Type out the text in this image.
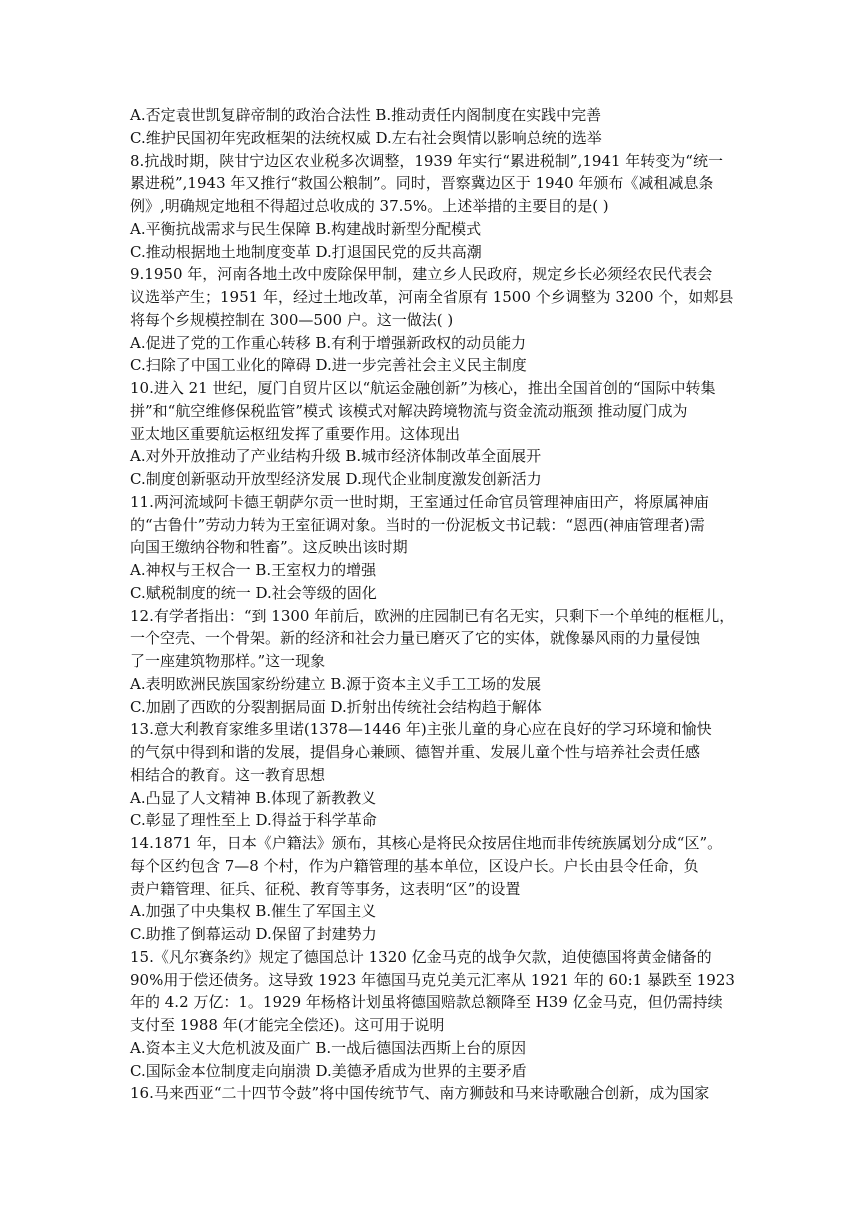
A.否定袁世凯复辟帝制的政治合法性 B.推动责任内阁制度在实践中完善
C.维护民国初年宪政框架的法统权威 D.左右社会舆情以影响总统的选举
8.抗战时期，陕甘宁边区农业税多次调整，1939 年实行“累进税制”,1941 年转变为“统一
累进税”,1943 年又推行“救国公粮制”。同时，晋察冀边区于 1940 年颁布《减租减息条
例》,明确规定地租不得超过总收成的 37.5%。上述举措的主要目的是( )
A.平衡抗战需求与民生保障 B.构建战时新型分配模式
C.推动根据地土地制度变革 D.打退国民党的反共高潮
9.1950 年，河南各地土改中废除保甲制，建立乡人民政府，规定乡长必须经农民代表会
议选举产生；1951 年，经过土地改革，河南全省原有 1500 个乡调整为 3200 个，如郏县
将每个乡规模控制在 300—500 户。这一做法( )
A.促进了党的工作重心转移 B.有利于增强新政权的动员能力
C.扫除了中国工业化的障碍 D.进一步完善社会主义民主制度
10.进入 21 世纪，厦门自贸片区以“航运金融创新”为核心，推出全国首创的“国际中转集
拼”和“航空维修保税监管”模式 该模式对解决跨境物流与资金流动瓶颈 推动厦门成为
亚太地区重要航运枢纽发挥了重要作用。这体现出
A.对外开放推动了产业结构升级 B.城市经济体制改革全面展开
C.制度创新驱动开放型经济发展 D.现代企业制度激发创新活力
11.两河流域阿卡德王朝萨尔贡一世时期，王室通过任命官员管理神庙田产，将原属神庙
的“古鲁什”劳动力转为王室征调对象。当时的一份泥板文书记载：“恩西(神庙管理者)需
向国王缴纳谷物和牲畜”。这反映出该时期
A.神权与王权合一 B.王室权力的增强
C.赋税制度的统一 D.社会等级的固化
12.有学者指出：“到 1300 年前后，欧洲的庄园制已有名无实，只剩下一个单纯的框框儿，
一个空壳、一个骨架。新的经济和社会力量已磨灭了它的实体，就像暴风雨的力量侵蚀
了一座建筑物那样。”这一现象
A.表明欧洲民族国家纷纷建立 B.源于资本主义手工工场的发展
C.加剧了西欧的分裂割据局面 D.折射出传统社会结构趋于解体
13.意大利教育家维多里诺(1378—1446 年)主张儿童的身心应在良好的学习环境和愉快
的气氛中得到和谐的发展，提倡身心兼顾、德智并重、发展儿童个性与培养社会责任感
相结合的教育。这一教育思想
A.凸显了人文精神 B.体现了新教教义
C.彰显了理性至上 D.得益于科学革命
14.1871 年，日本《户籍法》颁布，其核心是将民众按居住地而非传统族属划分成“区”。
每个区约包含 7—8 个村，作为户籍管理的基本单位，区设户长。户长由县令任命，负
责户籍管理、征兵、征税、教育等事务，这表明“区”的设置
A.加强了中央集权 B.催生了军国主义
C.助推了倒幕运动 D.保留了封建势力
15.《凡尔赛条约》规定了德国总计 1320 亿金马克的战争欠款，迫使德国将黄金储备的
90%用于偿还债务。这导致 1923 年德国马克兑美元汇率从 1921 年的 60:1 暴跌至 1923
年的 4.2 万亿：1。1929 年杨格计划虽将德国赔款总额降至 H39 亿金马克，但仍需持续
支付至 1988 年(才能完全偿还)。这可用于说明
A.资本主义大危机波及面广 B.一战后德国法西斯上台的原因
C.国际金本位制度走向崩溃 D.美德矛盾成为世界的主要矛盾
16.马来西亚“二十四节令鼓”将中国传统节气、南方狮鼓和马来诗歌融合创新，成为国家
